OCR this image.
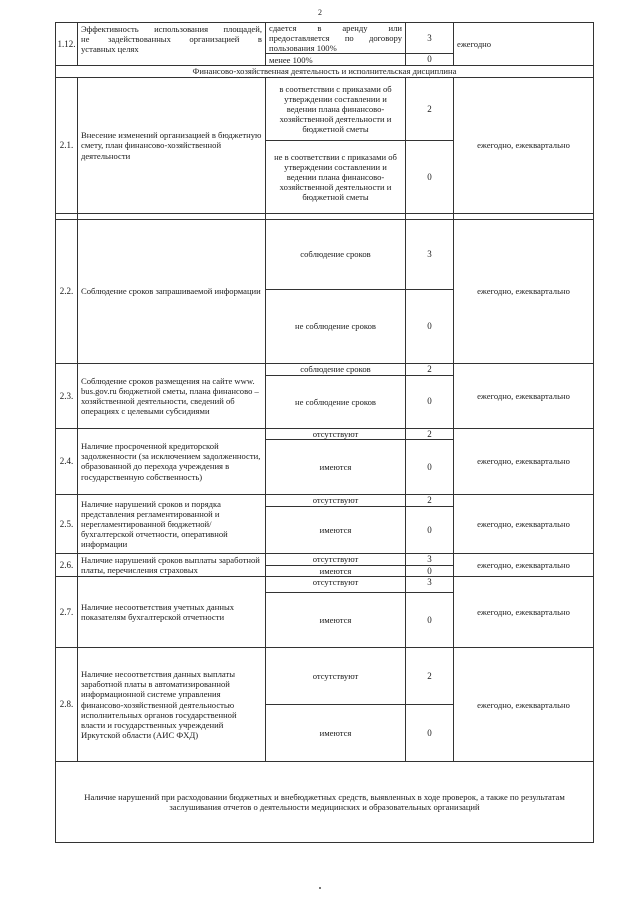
2
1.12.	Эффективность использования площадей,
не задействованных организацией в
уставных целях	сдается в аренду или
предоставляется по договору
пользования 100%	3	ежегодно
		менее 100%	0	
Финансово-хозяйственная деятельность и исполнительская дисциплина				
2.1.	Внесение изменений организацией в бюджетную смету, план финансово-хозяйственной деятельности	в соответствии с приказами об утверждении составлении и ведении плана финансово-хозяйственной деятельности и бюджетной сметы	2	ежегодно, ежеквартально
		не в соответствии с приказами об утверждении составлении и ведении плана финансово-хозяйственной деятельности и бюджетной сметы	0	

2.2.	Соблюдение сроков запрашиваемой информации	соблюдение сроков	3	ежегодно, ежеквартально
		не соблюдение сроков	0	
2.3.	Соблюдение сроков размещения на сайте www. bus.gov.ru бюджетной сметы, плана финансово – хозяйственной деятельности, сведений об операциях с целевыми субсидиями	соблюдение сроков	2	ежегодно, ежеквартально
		не соблюдение сроков	0	
2.4.	Наличие просроченной кредиторской задолженности (за исключением задолженности, образованной до перехода учреждения в государственную собственность)	отсутствуют	2	ежегодно, ежеквартально
		имеются	0	
2.5.	Наличие нарушений сроков и порядка представления регламентированной и нерегламентированной бюджетной/бухгалтерской отчетности, оперативной информации	отсутствуют	2	ежегодно, ежеквартально
		имеются	0	
2.6.	Наличие нарушений сроков выплаты заработной платы, перечисления страховых	отсутствуют	3	ежегодно, ежеквартально
		имеются	0	
2.7.	Наличие несоответствия учетных данных показателям бухгалтерской отчетности	отсутствуют	3	ежегодно, ежеквартально
		имеются	0	
2.8.	Наличие несоответствия данных выплаты заработной платы в автоматизированной информационной системе управления финансово-хозяйственной деятельностью исполнительных органов государственной власти и государственных учреждений Иркутской области (АИС ФХД)	отсутствуют	2	ежегодно, ежеквартально
		имеются	0	
Наличие нарушений при расходовании бюджетных и внебюджетных средств, выявленных в ходе проверок, а также по результатам заслушивания отчетов о деятельности медицинских и образовательных организаций				
